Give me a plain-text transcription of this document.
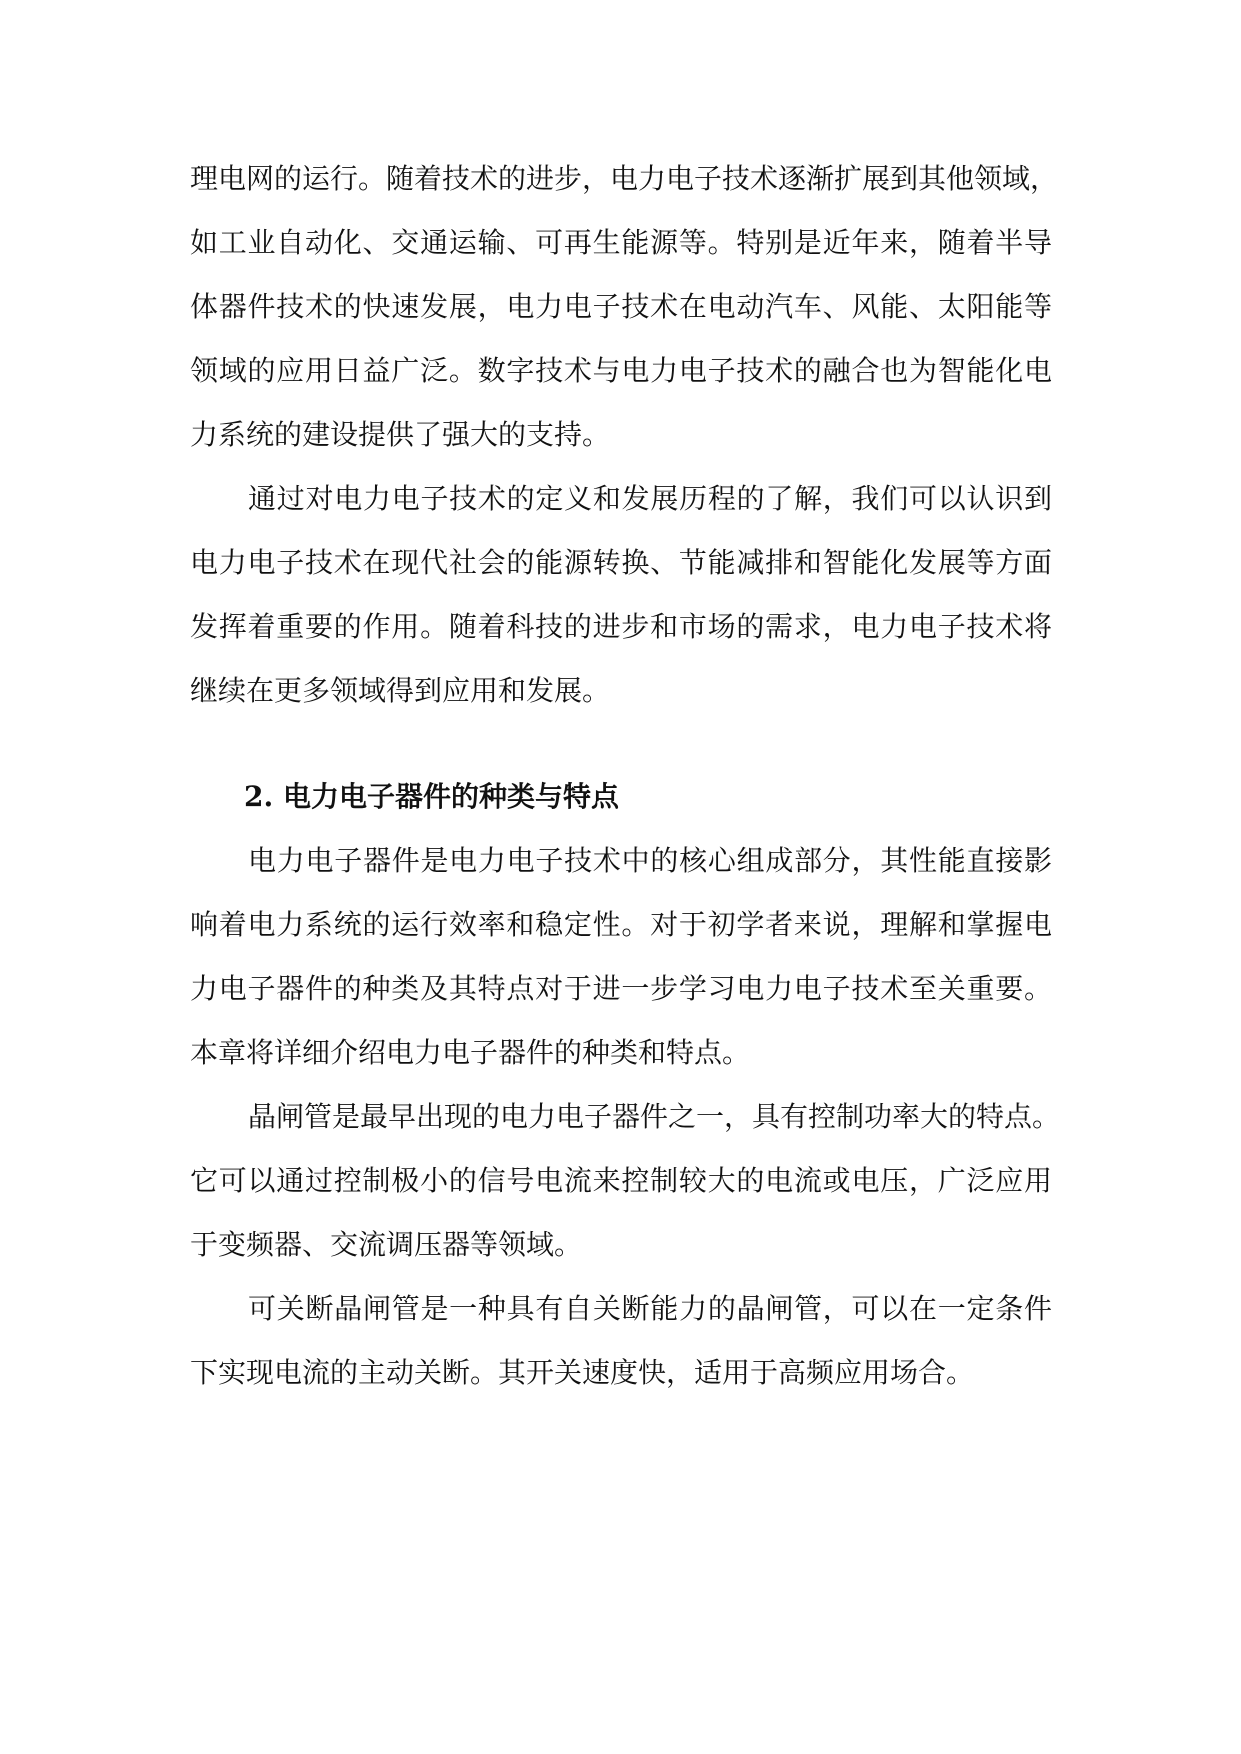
理电网的运行。随着技术的进步，电力电子技术逐渐扩展到其他领域，
如工业自动化、交通运输、可再生能源等。特别是近年来，随着半导
体器件技术的快速发展，电力电子技术在电动汽车、风能、太阳能等
领域的应用日益广泛。数字技术与电力电子技术的融合也为智能化电
力系统的建设提供了强大的支持。
通过对电力电子技术的定义和发展历程的了解，我们可以认识到
电力电子技术在现代社会的能源转换、节能减排和智能化发展等方面
发挥着重要的作用。随着科技的进步和市场的需求，电力电子技术将
继续在更多领域得到应用和发展。
2. 电力电子器件的种类与特点
电力电子器件是电力电子技术中的核心组成部分，其性能直接影
响着电力系统的运行效率和稳定性。对于初学者来说，理解和掌握电
力电子器件的种类及其特点对于进一步学习电力电子技术至关重要。
本章将详细介绍电力电子器件的种类和特点。
晶闸管是最早出现的电力电子器件之一，具有控制功率大的特点。
它可以通过控制极小的信号电流来控制较大的电流或电压，广泛应用
于变频器、交流调压器等领域。
可关断晶闸管是一种具有自关断能力的晶闸管，可以在一定条件
下实现电流的主动关断。其开关速度快，适用于高频应用场合。
